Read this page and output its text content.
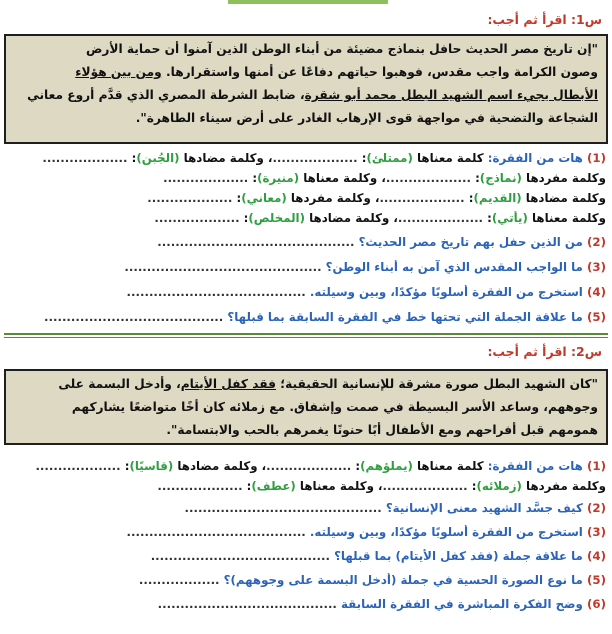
س1: اقرأ ثم أجب:
"إن تاريخ مصر الحديث حافل بنماذج مضيئة من أبناء الوطن الذين آمنوا أن حماية الأرض
وصون الكرامة واجب مقدس، فوهبوا حياتهم دفاعًا عن أمنها واستقرارها. ومن بين هؤلاء
الأبطال يجيء اسم الشهيد البطل محمد أبو شقرة، ضابط الشرطة المصري الذي قدَّم أروع معاني
الشجاعة والتضحية في مواجهة قوى الإرهاب الغادر على أرض سيناء الطاهرة".
(1) هات من الفقرة: كلمة معناها (ممتلئ): ...................، وكلمة مضادها (الجُبن): ...................
وكلمة مفردها (نماذج): ...................، وكلمة معناها (منيرة): ...................
وكلمة مضادها (القديم): ...................، وكلمة مفردها (معاني): ...................
وكلمة معناها (يأتي): ...................، وكلمة مضادها (المخلص): ...................
(2) من الذين حفل بهم تاريخ مصر الحديث؟ ............................................
(3) ما الواجب المقدس الذي آمن به أبناء الوطن؟ ............................................
(4) استخرج من الفقرة أسلوبًا مؤكدًا، وبين وسيلته. ........................................
(5) ما علاقة الجملة التي تحتها خط في الفقرة السابقة بما قبلها؟ ........................................
س2: اقرأ ثم أجب:
"كان الشهيد البطل صورة مشرقة للإنسانية الحقيقية؛ فقد كفل الأيتام، وأدخل البسمة على
وجوههم، وساعد الأسر البسيطة في صمت وإشفاق. مع زملائه كان أخًا متواضعًا يشاركهم
همومهم قبل أفراحهم ومع الأطفال أبًا حنونًا يغمرهم بالحب والابتسامة".
(1) هات من الفقرة: كلمة معناها (يملؤهم): ...................، وكلمة مضادها (قاسيًا): ...................
وكلمة مفردها (زملائه): ...................، وكلمة معناها (عطف): ...................
(2) كيف جسَّد الشهيد معنى الإنسانية؟ ............................................
(3) استخرج من الفقرة أسلوبًا مؤكدًا، وبين وسيلته. ........................................
(4) ما علاقة جملة (فقد كفل الأيتام) بما قبلها؟ ........................................
(5) ما نوع الصورة الحسية في جملة (أدخل البسمة على وجوههم)؟ ..................
(6) وضح الفكرة المباشرة في الفقرة السابقة ........................................
